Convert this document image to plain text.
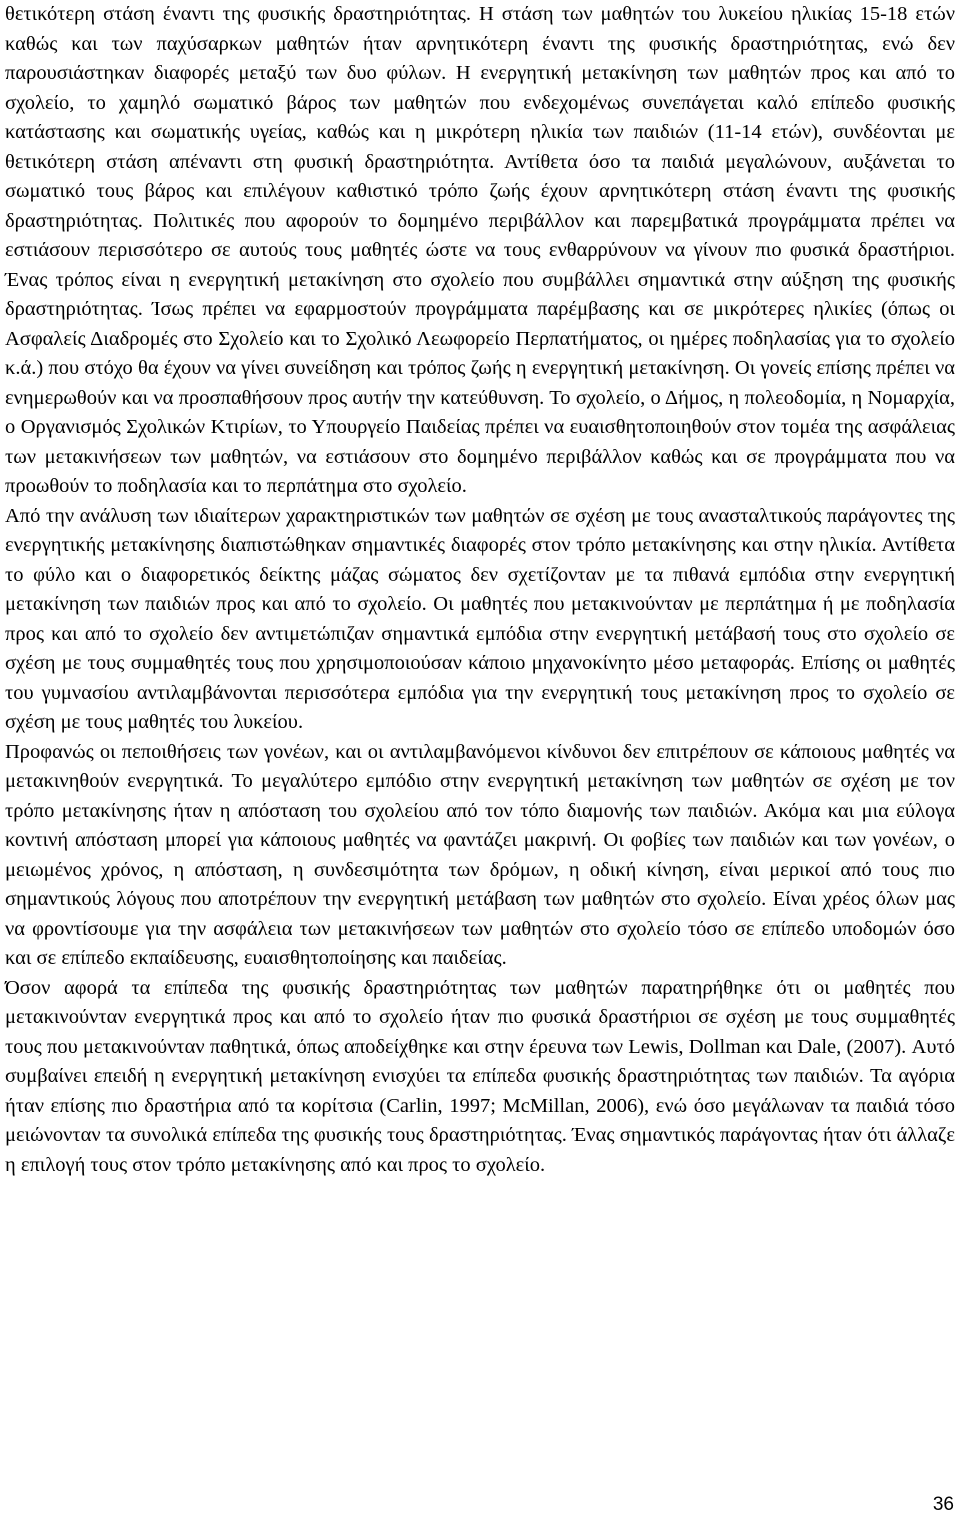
θετικότερη στάση έναντι της φυσικής δραστηριότητας. Η στάση των μαθητών του λυκείου ηλικίας 15-18 ετών καθώς και των παχύσαρκων μαθητών ήταν αρνητικότερη έναντι της φυσικής δραστηριότητας, ενώ δεν παρουσιάστηκαν διαφορές μεταξύ των δυο φύλων. Η ενεργητική μετακίνηση των μαθητών προς και από το σχολείο, το χαμηλό σωματικό βάρος των μαθητών που ενδεχομένως συνεπάγεται καλό επίπεδο φυσικής κατάστασης και σωματικής υγείας, καθώς και η μικρότερη ηλικία των παιδιών (11-14 ετών), συνδέονται με θετικότερη στάση απέναντι στη φυσική δραστηριότητα. Αντίθετα όσο τα παιδιά μεγαλώνουν, αυξάνεται το σωματικό τους βάρος και επιλέγουν καθιστικό τρόπο ζωής έχουν αρνητικότερη στάση έναντι της φυσικής δραστηριότητας. Πολιτικές που αφορούν το δομημένο περιβάλλον και παρεμβατικά προγράμματα πρέπει να εστιάσουν περισσότερο σε αυτούς τους μαθητές ώστε να τους ενθαρρύνουν να γίνουν πιο φυσικά δραστήριοι. Ένας τρόπος είναι η ενεργητική μετακίνηση στο σχολείο που συμβάλλει σημαντικά στην αύξηση της φυσικής δραστηριότητας. Ίσως πρέπει να εφαρμοστούν προγράμματα παρέμβασης και σε μικρότερες ηλικίες (όπως οι Ασφαλείς Διαδρομές στο Σχολείο και το Σχολικό Λεωφορείο Περπατήματος, οι ημέρες ποδηλασίας για το σχολείο κ.ά.) που στόχο θα έχουν να γίνει συνείδηση και τρόπος ζωής η ενεργητική μετακίνηση. Οι γονείς επίσης πρέπει να ενημερωθούν και να προσπαθήσουν προς αυτήν την κατεύθυνση. Το σχολείο, ο Δήμος, η πολεοδομία, η Νομαρχία, ο Οργανισμός Σχολικών Κτιρίων, το Υπουργείο Παιδείας πρέπει να ευαισθητοποιηθούν στον τομέα της ασφάλειας των μετακινήσεων των μαθητών, να εστιάσουν στο δομημένο περιβάλλον καθώς και σε προγράμματα που να προωθούν το ποδηλασία και το περπάτημα στο σχολείο.

Από την ανάλυση των ιδιαίτερων χαρακτηριστικών των μαθητών σε σχέση με τους ανασταλτικούς παράγοντες της ενεργητικής μετακίνησης διαπιστώθηκαν σημαντικές διαφορές στον τρόπο μετακίνησης και στην ηλικία. Αντίθετα το φύλο και ο διαφορετικός δείκτης μάζας σώματος δεν σχετίζονταν με τα πιθανά εμπόδια στην ενεργητική μετακίνηση των παιδιών προς και από το σχολείο. Οι μαθητές που μετακινούνταν με περπάτημα ή με ποδηλασία προς και από το σχολείο δεν αντιμετώπιζαν σημαντικά εμπόδια στην ενεργητική μετάβασή τους στο σχολείο σε σχέση με τους συμμαθητές τους που χρησιμοποιούσαν κάποιο μηχανοκίνητο μέσο μεταφοράς. Επίσης οι μαθητές του γυμνασίου αντιλαμβάνονται περισσότερα εμπόδια για την ενεργητική τους μετακίνηση προς το σχολείο σε σχέση με τους μαθητές του λυκείου.

Προφανώς οι πεποιθήσεις των γονέων, και οι αντιλαμβανόμενοι κίνδυνοι δεν επιτρέπουν σε κάποιους μαθητές να μετακινηθούν ενεργητικά. Το μεγαλύτερο εμπόδιο στην ενεργητική μετακίνηση των μαθητών σε σχέση με τον τρόπο μετακίνησης ήταν η απόσταση του σχολείου από τον τόπο διαμονής των παιδιών. Ακόμα και μια εύλογα κοντινή απόσταση μπορεί για κάποιους μαθητές να φαντάζει μακρινή. Οι φοβίες των παιδιών και των γονέων, ο μειωμένος χρόνος, η απόσταση, η συνδεσιμότητα των δρόμων, η οδική κίνηση, είναι μερικοί από τους πιο σημαντικούς λόγους που αποτρέπουν την ενεργητική μετάβαση των μαθητών στο σχολείο. Είναι χρέος όλων μας να φροντίσουμε για την ασφάλεια των μετακινήσεων των μαθητών στο σχολείο τόσο σε επίπεδο υποδομών όσο και σε επίπεδο εκπαίδευσης, ευαισθητοποίησης και παιδείας.

Όσον αφορά τα επίπεδα της φυσικής δραστηριότητας των μαθητών παρατηρήθηκε ότι οι μαθητές που μετακινούνταν ενεργητικά προς και από το σχολείο ήταν πιο φυσικά δραστήριοι σε σχέση με τους συμμαθητές τους που μετακινούνταν παθητικά, όπως αποδείχθηκε και στην έρευνα των Lewis, Dollman και Dale, (2007). Αυτό συμβαίνει επειδή η ενεργητική μετακίνηση ενισχύει τα επίπεδα φυσικής δραστηριότητας των παιδιών. Τα αγόρια ήταν επίσης πιο δραστήρια από τα κορίτσια (Carlin, 1997; McMillan, 2006), ενώ όσο μεγάλωναν τα παιδιά τόσο μειώνονταν τα συνολικά επίπεδα της φυσικής τους δραστηριότητας. Ένας σημαντικός παράγοντας ήταν ότι άλλαζε η επιλογή τους στον τρόπο μετακίνησης από και προς το σχολείο.

36
